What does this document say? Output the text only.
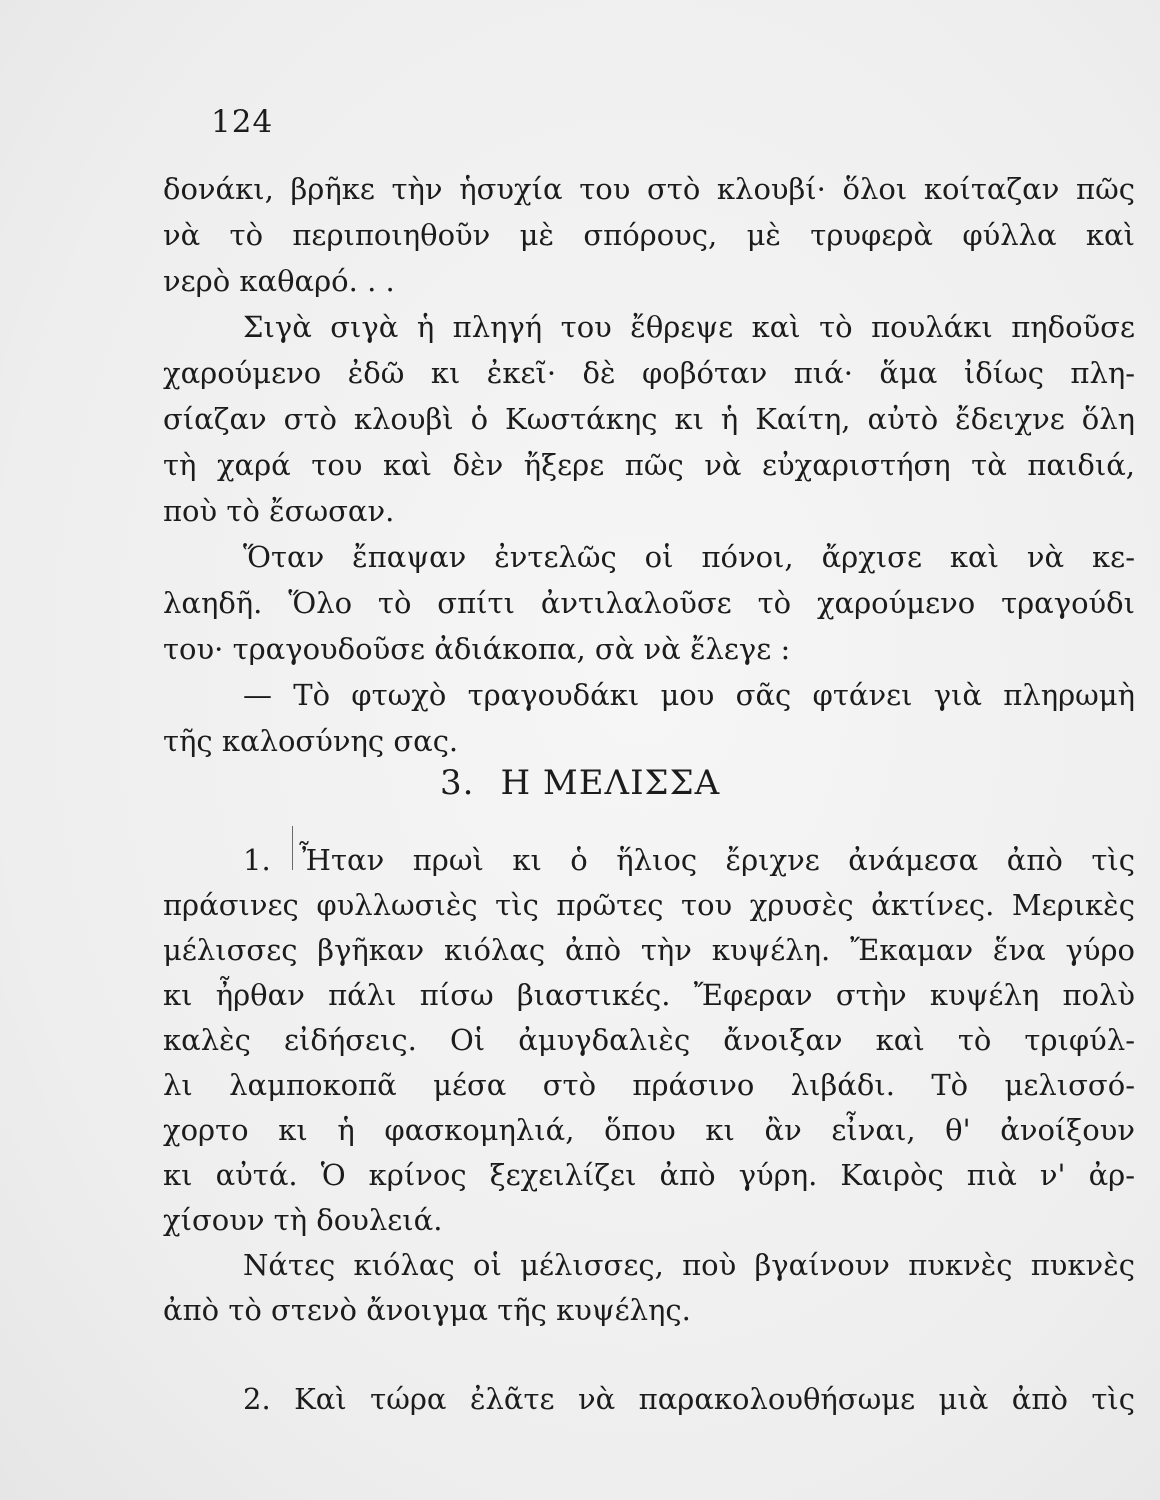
124
δονάκι, βρῆκε τὴν ἡσυχία του στὸ κλουβί· ὅλοι κοίταζαν πῶς
νὰ τὸ περιποιηθοῦν μὲ σπόρους, μὲ τρυφερὰ φύλλα καὶ
νερὸ καθαρό. . .
Σιγὰ σιγὰ ἡ πληγή του ἔθρεψε καὶ τὸ πουλάκι πηδοῦσε
χαρούμενο ἐδῶ κι ἐκεῖ· δὲ φοβόταν πιά· ἅμα ἰδίως πλη-
σίαζαν στὸ κλουβὶ ὁ Κωστάκης κι ἡ Καίτη, αὐτὸ ἔδειχνε ὅλη
τὴ χαρά του καὶ δὲν ἤξερε πῶς νὰ εὐχαριστήση τὰ παιδιά,
ποὺ τὸ ἔσωσαν.
Ὅταν ἔπαψαν ἐντελῶς οἱ πόνοι, ἄρχισε καὶ νὰ κε-
λαηδῆ. Ὅλο τὸ σπίτι ἀντιλαλοῦσε τὸ χαρούμενο τραγούδι
του· τραγουδοῦσε ἀδιάκοπα, σὰ νὰ ἔλεγε :
— Τὸ φτωχὸ τραγουδάκι μου σᾶς φτάνει γιὰ πληρωμὴ
τῆς καλοσύνης σας.
3. Η ΜΕΛΙΣΣΑ
1. Ἦταν πρωὶ κι ὁ ἥλιος ἔριχνε ἀνάμεσα ἀπὸ τὶς
πράσινες φυλλωσιὲς τὶς πρῶτες του χρυσὲς ἀκτίνες. Μερικὲς
μέλισσες βγῆκαν κιόλας ἀπὸ τὴν κυψέλη. Ἔκαμαν ἕνα γύρο
κι ἦρθαν πάλι πίσω βιαστικές. Ἔφεραν στὴν κυψέλη πολὺ
καλὲς εἰδήσεις. Οἱ ἀμυγδαλιὲς ἄνοιξαν καὶ τὸ τριφύλ-
λι λαμποκοπᾶ μέσα στὸ πράσινο λιβάδι. Τὸ μελισσό-
χορτο κι ἡ φασκομηλιά, ὅπου κι ἂν εἶναι, θ' ἀνοίξουν
κι αὐτά. Ὁ κρίνος ξεχειλίζει ἀπὸ γύρη. Καιρὸς πιὰ ν' ἀρ-
χίσουν τὴ δουλειά.
Νάτες κιόλας οἱ μέλισσες, ποὺ βγαίνουν πυκνὲς πυκνὲς
ἀπὸ τὸ στενὸ ἄνοιγμα τῆς κυψέλης.
2. Καὶ τώρα ἐλᾶτε νὰ παρακολουθήσωμε μιὰ ἀπὸ τὶς
